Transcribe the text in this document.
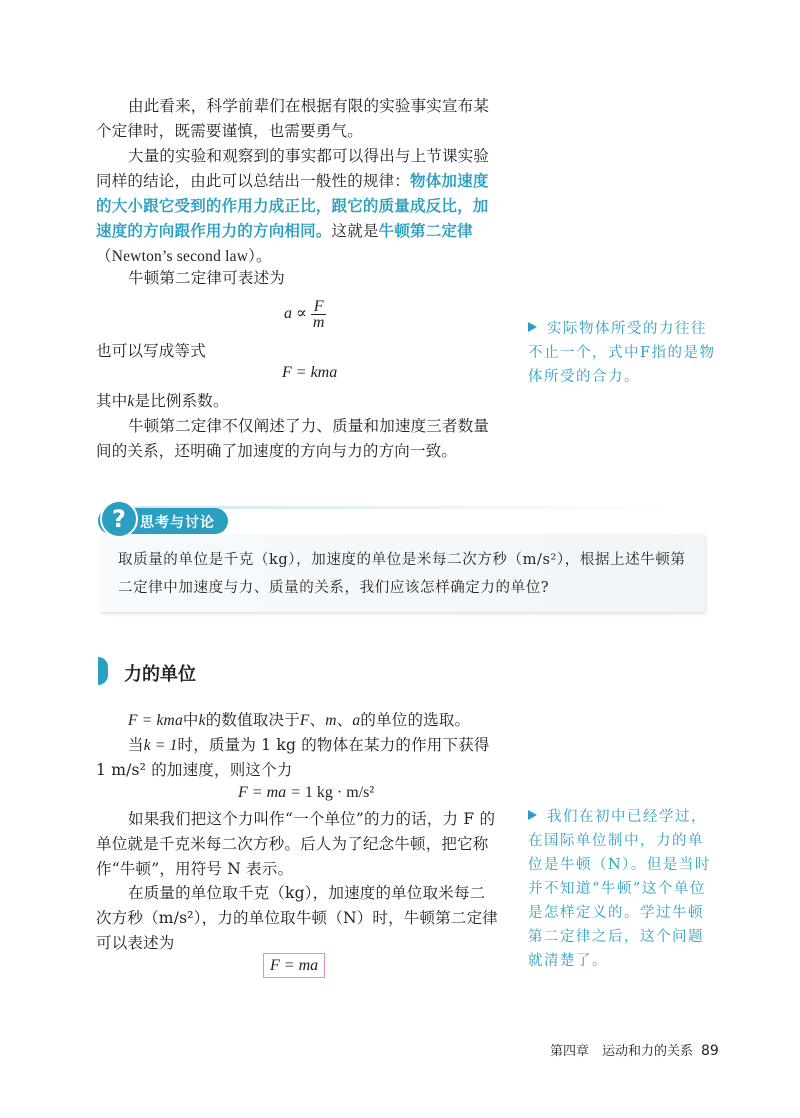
由此看来，科学前辈们在根据有限的实验事实宣布某个定律时，既需要谨慎，也需要勇气。

大量的实验和观察到的事实都可以得出与上节课实验同样的结论，由此可以总结出一般性的规律：物体加速度的大小跟它受到的作用力成正比，跟它的质量成反比，加速度的方向跟作用力的方向相同。这就是牛顿第二定律（Newton’s second law）。

牛顿第二定律可表述为

$a \propto \frac{F}{m}$

也可以写成等式

F = kma

其中k是比例系数。

牛顿第二定律不仅阐述了力、质量和加速度三者数量间的关系，还明确了加速度的方向与力的方向一致。

实际物体所受的力往往不止一个，式中F指的是物体所受的合力。

?	思考与讨论

取质量的单位是千克（kg），加速度的单位是米每二次方秒（m/s²），根据上述牛顿第二定律中加速度与力、质量的关系，我们应该怎样确定力的单位?

力的单位

F = kma中k的数值取决于F、m、a的单位的选取。

当k = 1时，质量为 1 kg 的物体在某力的作用下获得 1 m/s² 的加速度，则这个力

F = ma = 1 kg · m/s²

如果我们把这个力叫作“一个单位”的力的话，力 F 的单位就是千克米每二次方秒。后人为了纪念牛顿，把它称作“牛顿”，用符号 N 表示。

在质量的单位取千克（kg），加速度的单位取米每二次方秒（m/s²），力的单位取牛顿（N）时，牛顿第二定律可以表述为

F = ma

我们在初中已经学过，在国际单位制中，力的单位是牛顿（N）。但是当时并不知道“牛顿”这个单位是怎样定义的。学过牛顿第二定律之后，这个问题就清楚了。

第四章　运动和力的关系 89
